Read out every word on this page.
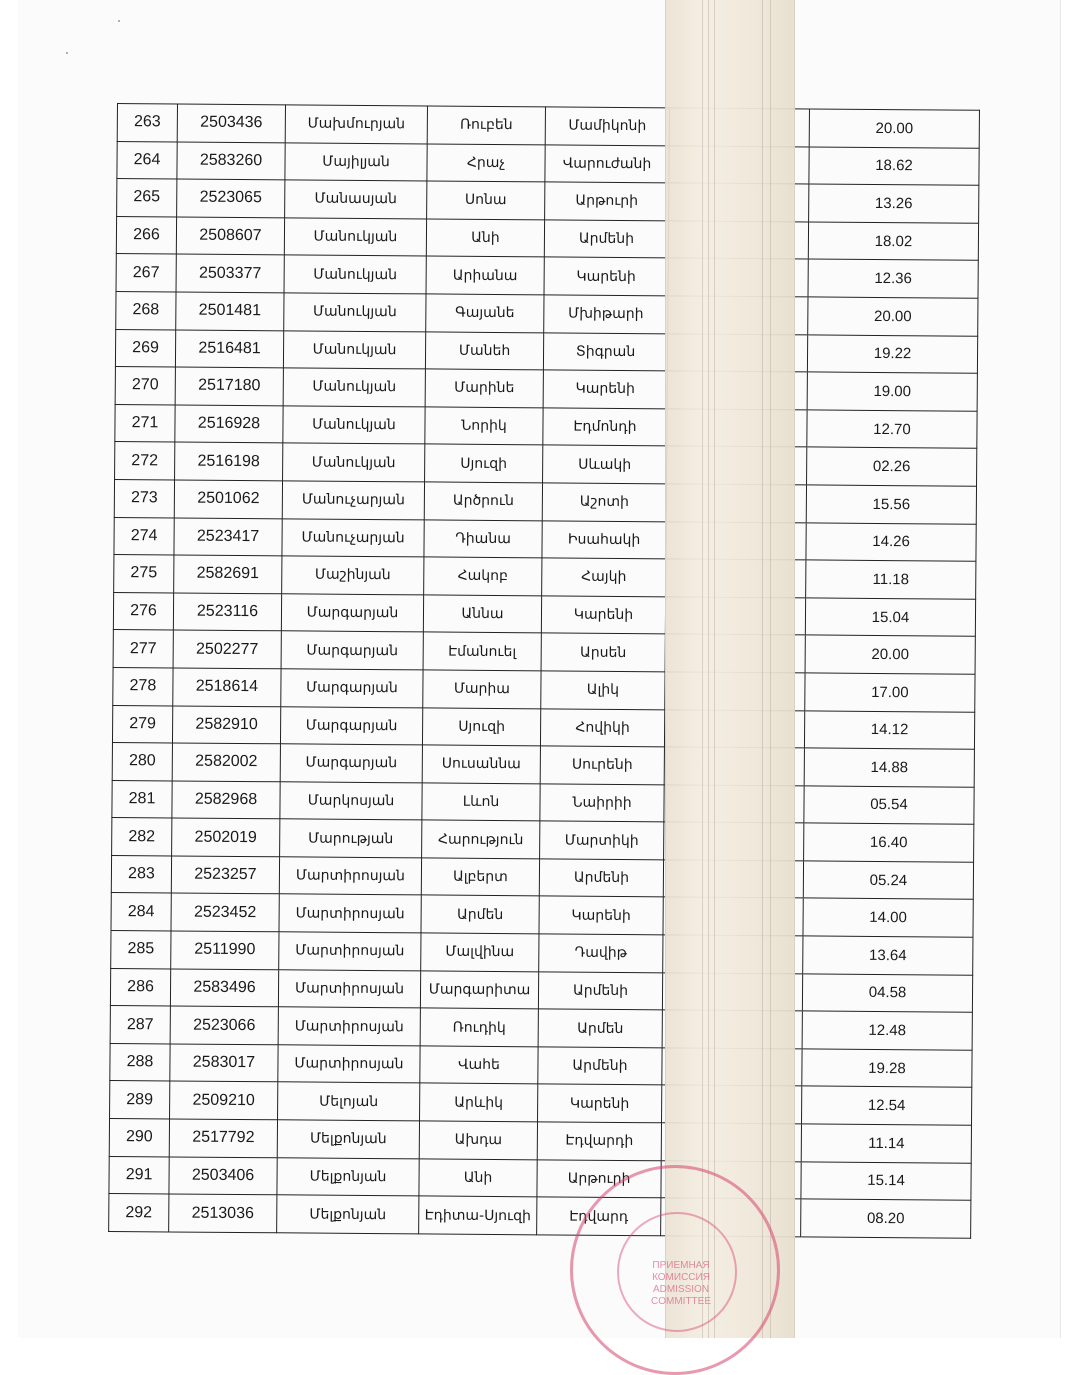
263	2503436	Մախմուրյան	Ռուբեն	Մամիկոնի		20.00
264	2583260	Մայիլյան	Հրաչ	Վարուժանի		18.62
265	2523065	Մանասյան	Սոնա	Արթուրի		13.26
266	2508607	Մանուկյան	Անի	Արմենի		18.02
267	2503377	Մանուկյան	Արիանա	Կարենի		12.36
268	2501481	Մանուկյան	Գայանե	Մխիթարի		20.00
269	2516481	Մանուկյան	Մանեհ	Տիգրան		19.22
270	2517180	Մանուկյան	Մարինե	Կարենի		19.00
271	2516928	Մանուկյան	Նորիկ	Էդմոնդի		12.70
272	2516198	Մանուկյան	Սյուզի	Սևակի		02.26
273	2501062	Մանուչարյան	Արծրուն	Աշոտի		15.56
274	2523417	Մանուչարյան	Դիանա	Իսահակի		14.26
275	2582691	Մաշինյան	Հակոբ	Հայկի		11.18
276	2523116	Մարգարյան	Աննա	Կարենի		15.04
277	2502277	Մարգարյան	Էմանուել	Արսեն		20.00
278	2518614	Մարգարյան	Մարիա	Ալիկ		17.00
279	2582910	Մարգարյան	Սյուզի	Հովիկի		14.12
280	2582002	Մարգարյան	Սուսաննա	Սուրենի		14.88
281	2582968	Մարկոսյան	Լևոն	Նաիրիի		05.54
282	2502019	Մարության	Հարություն	Մարտիկի		16.40
283	2523257	Մարտիրոսյան	Ալբերտ	Արմենի		05.24
284	2523452	Մարտիրոսյան	Արմեն	Կարենի		14.00
285	2511990	Մարտիրոսյան	Մալվինա	Դավիթ		13.64
286	2583496	Մարտիրոսյան	Մարգարիտա	Արմենի		04.58
287	2523066	Մարտիրոսյան	Ռուդիկ	Արմեն		12.48
288	2583017	Մարտիրոսյան	Վահե	Արմենի		19.28
289	2509210	Մելոյան	Արևիկ	Կարենի		12.54
290	2517792	Մելքոնյան	Ախդա	Էդվարդի		11.14
291	2503406	Մելքոնյան	Անի	Արթուրի		15.14
292	2513036	Մելքոնյան	Էդիտա-Սյուզի	Էդվարդ		08.20
ПРИЕМНАЯ
КОМИССИЯ
ADMISSION
COMMITTEE
